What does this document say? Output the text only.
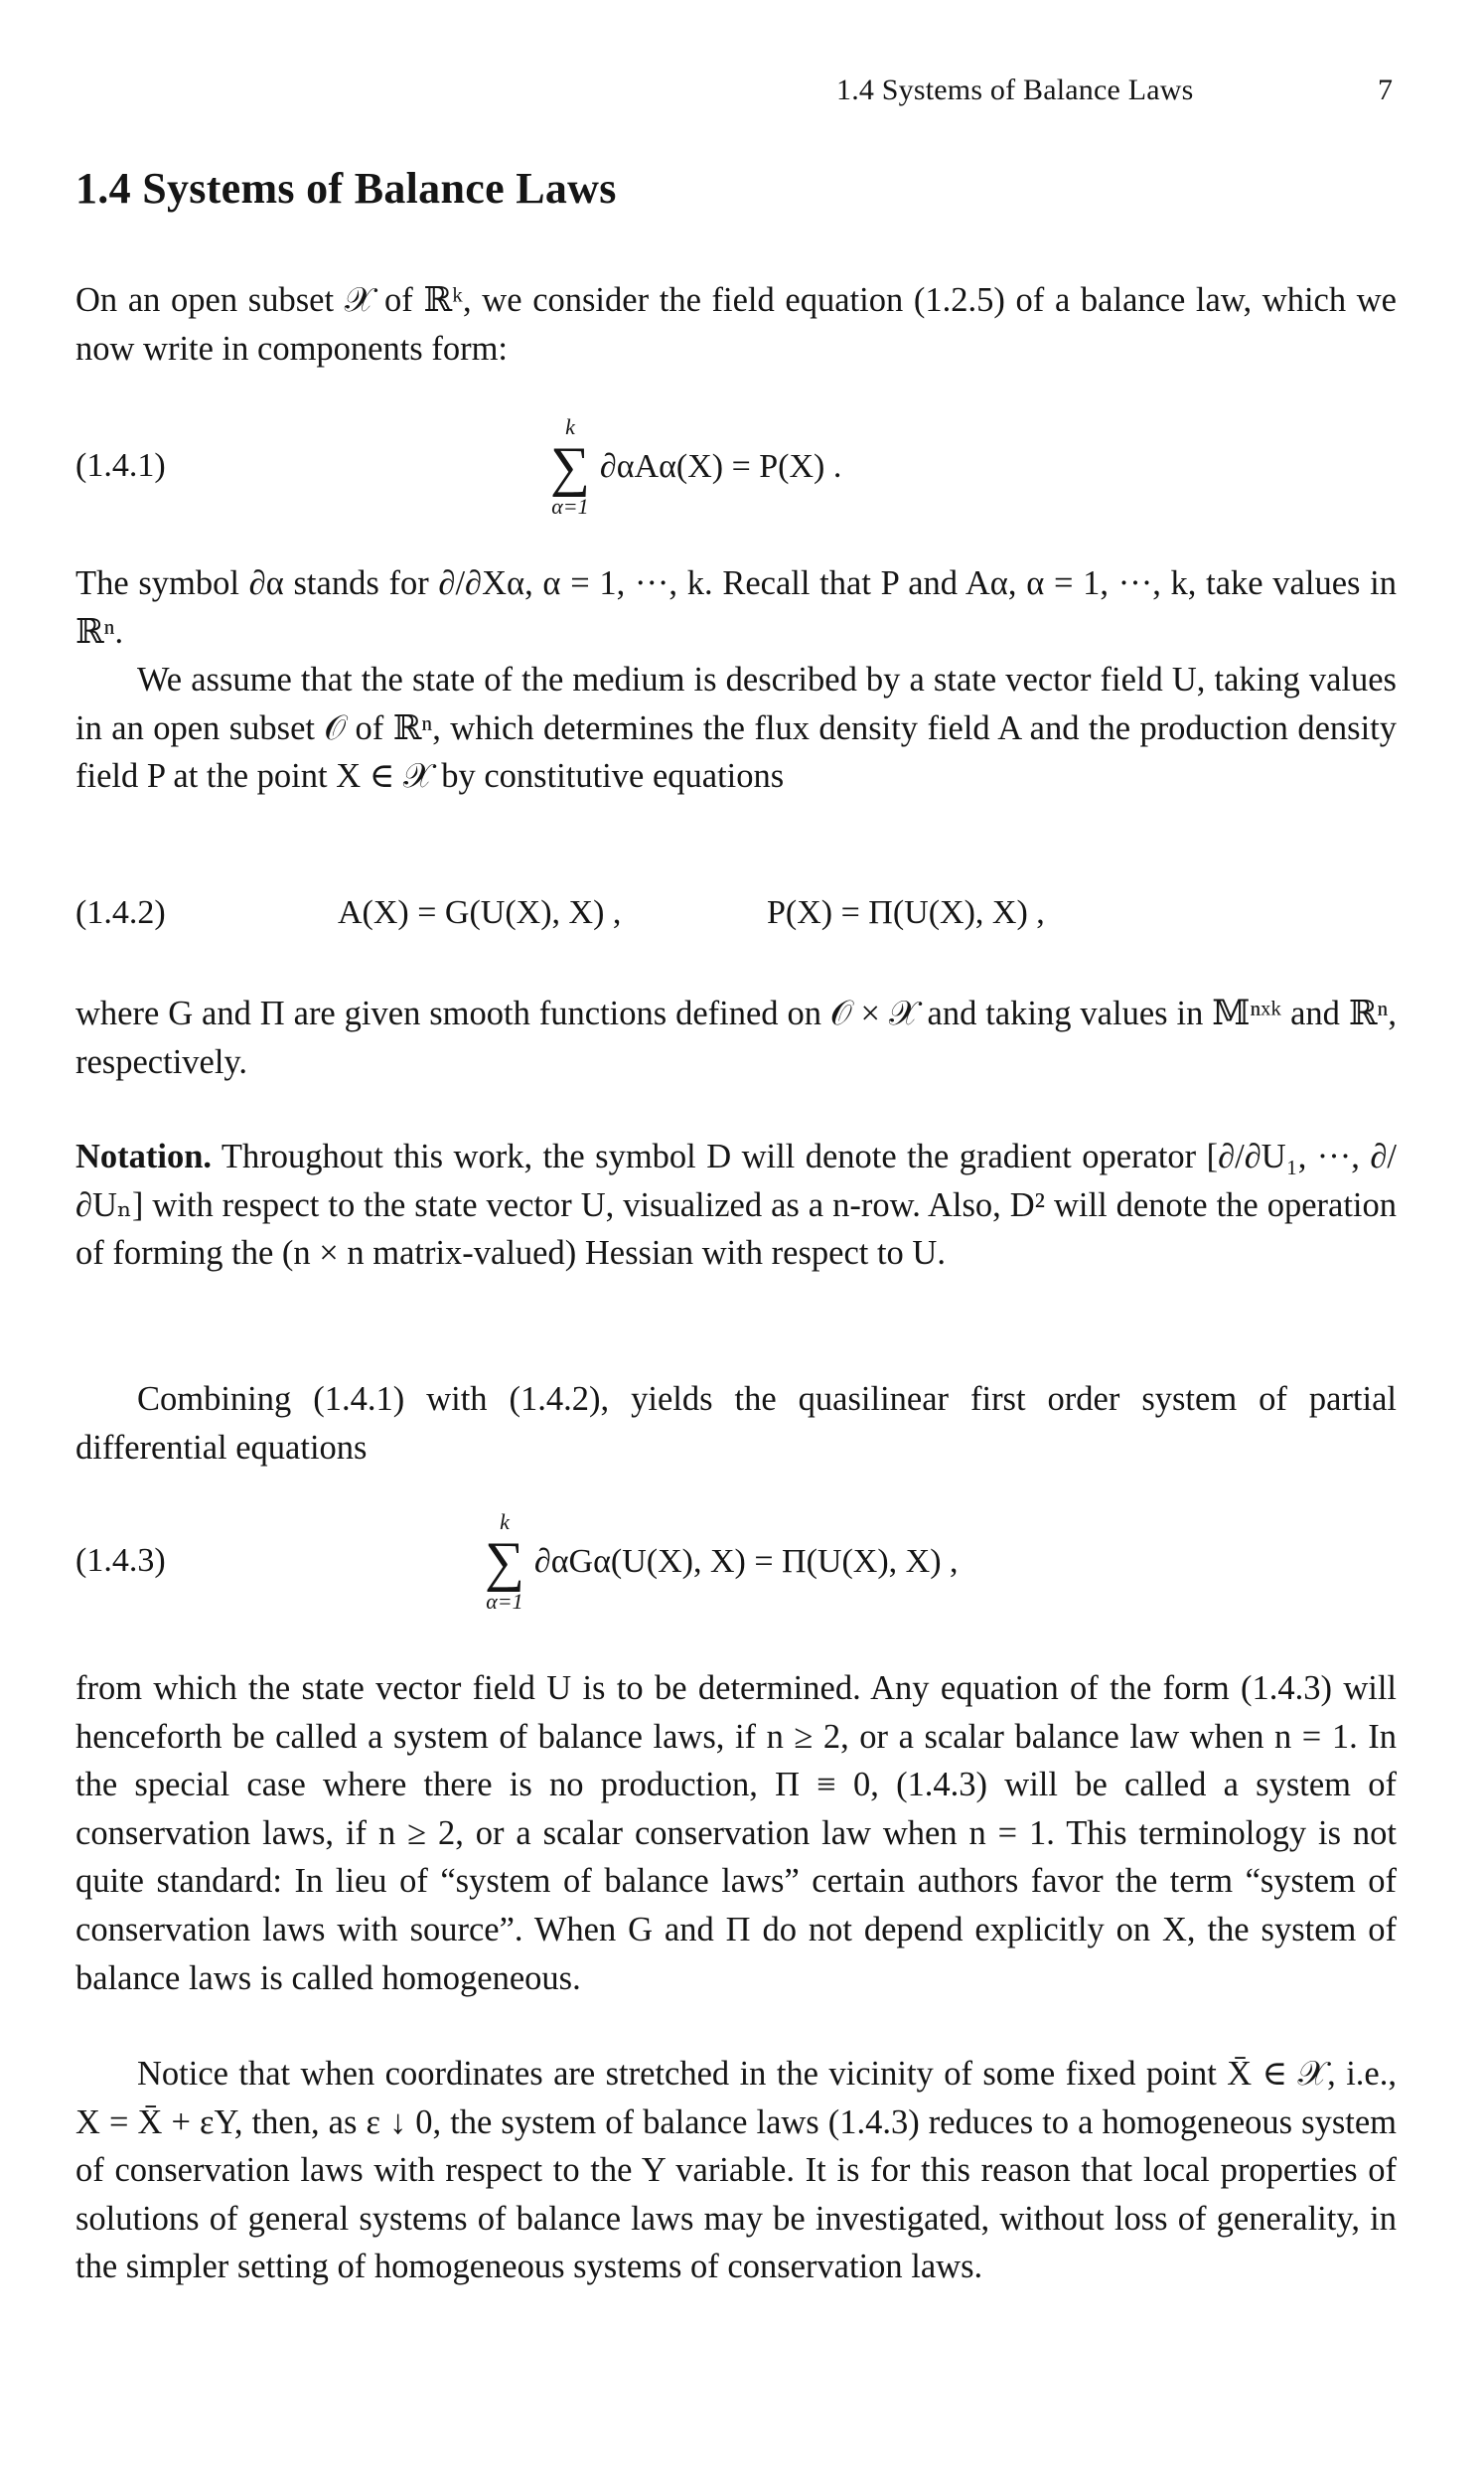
1.4 Systems of Balance Laws	7
1.4 Systems of Balance Laws

On an open subset 𝒳 of ℝᵏ, we consider the field equation (1.2.5) of a balance law, which we now write in components form:

(1.4.1)
k
∑
α=1
∂αAα(X) = P(X) .

The symbol ∂α stands for ∂/∂Xα, α = 1, ···, k. Recall that P and Aα, α = 1, ···, k, take values in ℝⁿ.

We assume that the state of the medium is described by a state vector field U, taking values in an open subset 𝒪 of ℝⁿ, which determines the flux density field A and the production density field P at the point X ∈ 𝒳 by constitutive equations

(1.4.2)	A(X) = G(U(X), X) ,	P(X) = Π(U(X), X) ,

where G and Π are given smooth functions defined on 𝒪 × 𝒳 and taking values in 𝕄ⁿˣᵏ and ℝⁿ, respectively.

Notation. Throughout this work, the symbol D will denote the gradient operator [∂/∂U₁, ···, ∂/∂Uₙ] with respect to the state vector U, visualized as a n-row. Also, D² will denote the operation of forming the (n × n matrix-valued) Hessian with respect to U.

Combining (1.4.1) with (1.4.2), yields the quasilinear first order system of partial differential equations

(1.4.3)
k
∑
α=1
∂αGα(U(X), X) = Π(U(X), X) ,

from which the state vector field U is to be determined. Any equation of the form (1.4.3) will henceforth be called a system of balance laws, if n ≥ 2, or a scalar balance law when n = 1. In the special case where there is no production, Π ≡ 0, (1.4.3) will be called a system of conservation laws, if n ≥ 2, or a scalar conservation law when n = 1. This terminology is not quite standard: In lieu of “system of balance laws” certain authors favor the term “system of conservation laws with source”. When G and Π do not depend explicitly on X, the system of balance laws is called homogeneous.

Notice that when coordinates are stretched in the vicinity of some fixed point X̄ ∈ 𝒳, i.e., X = X̄ + εY, then, as ε ↓ 0, the system of balance laws (1.4.3) reduces to a homogeneous system of conservation laws with respect to the Y variable. It is for this reason that local properties of solutions of general systems of balance laws may be investigated, without loss of generality, in the simpler setting of homogeneous systems of conservation laws.
